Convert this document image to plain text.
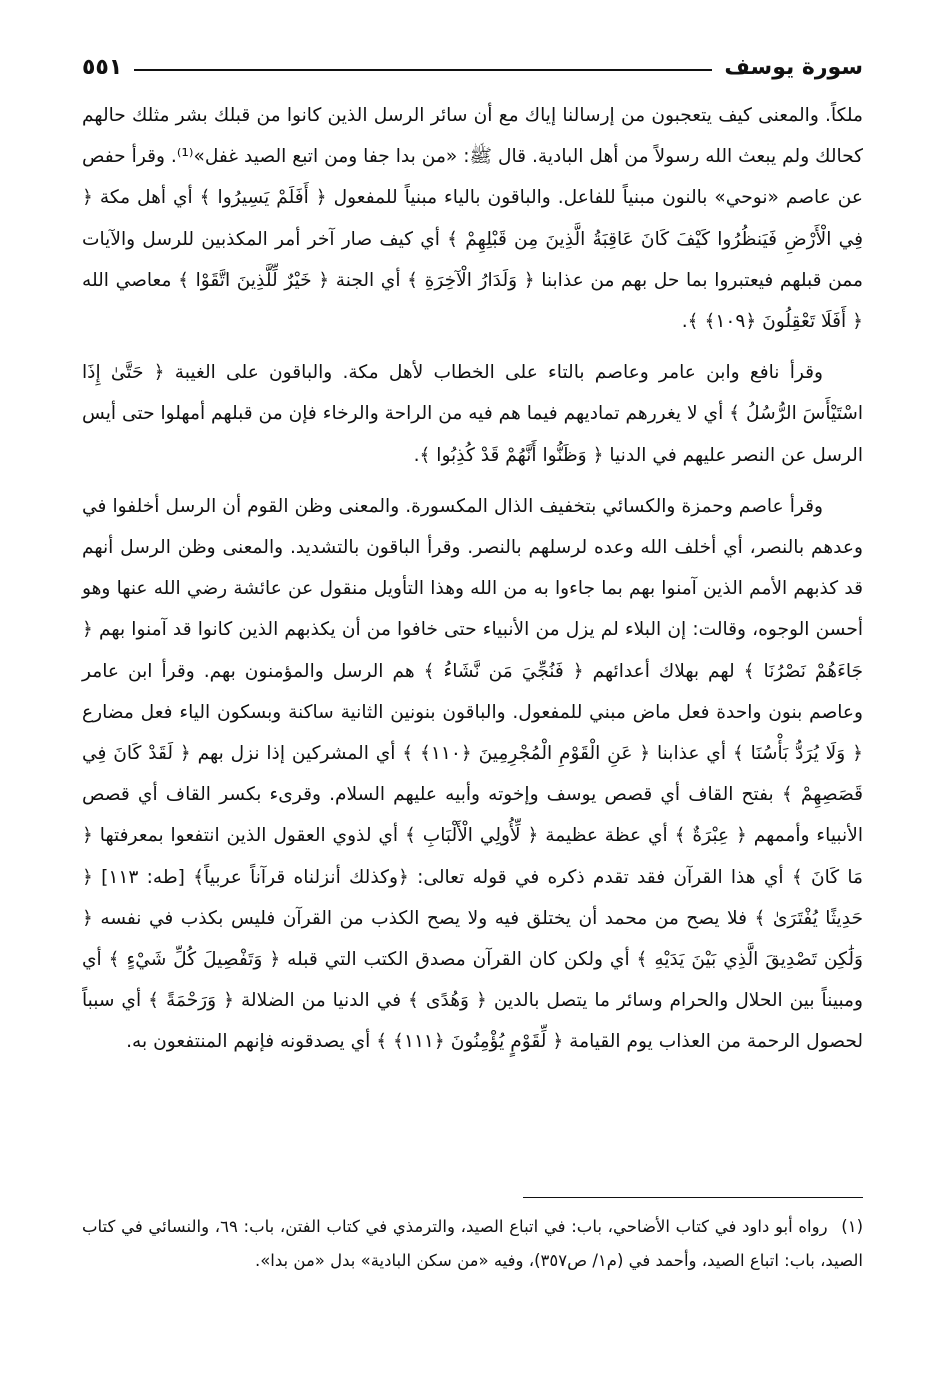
سورة يوسف
٥٥١

ملكاً. والمعنى كيف يتعجبون من إرسالنا إياك مع أن سائر الرسل الذين كانوا من قبلك بشر مثلك حالهم كحالك ولم يبعث الله رسولاً من أهل البادية. قال ﷺ: «من بدا جفا ومن اتبع الصيد غفل»⁽¹⁾. وقرأ حفص عن عاصم «نوحي» بالنون مبنياً للفاعل. والباقون بالياء مبنياً للمفعول ﴿ أَفَلَمْ يَسِيرُوا ﴾ أي أهل مكة ﴿ فِي الْأَرْضِ فَيَنظُرُوا كَيْفَ كَانَ عَاقِبَةُ الَّذِينَ مِن قَبْلِهِمْ ﴾ أي كيف صار آخر أمر المكذبين للرسل والآيات ممن قبلهم فيعتبروا بما حل بهم من عذابنا ﴿ وَلَدَارُ الْآخِرَةِ ﴾ أي الجنة ﴿ خَيْرٌ لِّلَّذِينَ اتَّقَوْا ﴾ معاصي الله ﴿ أَفَلَا تَعْقِلُونَ ﴿١٠٩﴾ ﴾.

وقرأ نافع وابن عامر وعاصم بالتاء على الخطاب لأهل مكة. والباقون على الغيبة ﴿ حَتَّىٰ إِذَا اسْتَيْأَسَ الرُّسُلُ ﴾ أي لا يغررهم تماديهم فيما هم فيه من الراحة والرخاء فإن من قبلهم أمهلوا حتى أيس الرسل عن النصر عليهم في الدنيا ﴿ وَظَنُّوا أَنَّهُمْ قَدْ كُذِبُوا ﴾.

وقرأ عاصم وحمزة والكسائي بتخفيف الذال المكسورة. والمعنى وظن القوم أن الرسل أخلفوا في وعدهم بالنصر، أي أخلف الله وعده لرسلهم بالنصر. وقرأ الباقون بالتشديد. والمعنى وظن الرسل أنهم قد كذبهم الأمم الذين آمنوا بهم بما جاءوا به من الله وهذا التأويل منقول عن عائشة رضي الله عنها وهو أحسن الوجوه، وقالت: إن البلاء لم يزل من الأنبياء حتى خافوا من أن يكذبهم الذين كانوا قد آمنوا بهم ﴿ جَاءَهُمْ نَصْرُنَا ﴾ لهم بهلاك أعدائهم ﴿ فَنُجِّيَ مَن نَّشَاءُ ﴾ هم الرسل والمؤمنون بهم. وقرأ ابن عامر وعاصم بنون واحدة فعل ماض مبني للمفعول. والباقون بنونين الثانية ساكنة وبسكون الياء فعل مضارع ﴿ وَلَا يُرَدُّ بَأْسُنَا ﴾ أي عذابنا ﴿ عَنِ الْقَوْمِ الْمُجْرِمِينَ ﴿١١٠﴾ ﴾ أي المشركين إذا نزل بهم ﴿ لَقَدْ كَانَ فِي قَصَصِهِمْ ﴾ بفتح القاف أي قصص يوسف وإخوته وأبيه عليهم السلام. وقرىء بكسر القاف أي قصص الأنبياء وأممهم ﴿ عِبْرَةٌ ﴾ أي عظة عظيمة ﴿ لِّأُولِي الْأَلْبَابِ ﴾ أي لذوي العقول الذين انتفعوا بمعرفتها ﴿ مَا كَانَ ﴾ أي هذا القرآن فقد تقدم ذكره في قوله تعالى: ﴿وكذلك أنزلناه قرآناً عربياً﴾ [طه: ١١٣] ﴿ حَدِيثًا يُفْتَرَىٰ ﴾ فلا يصح من محمد أن يختلق فيه ولا يصح الكذب من القرآن فليس بكذب في نفسه ﴿ وَلَٰكِن تَصْدِيقَ الَّذِي بَيْنَ يَدَيْهِ ﴾ أي ولكن كان القرآن مصدق الكتب التي قبله ﴿ وَتَفْصِيلَ كُلِّ شَيْءٍ ﴾ أي ومبيناً بين الحلال والحرام وسائر ما يتصل بالدين ﴿ وَهُدًى ﴾ في الدنيا من الضلالة ﴿ وَرَحْمَةً ﴾ أي سبباً لحصول الرحمة من العذاب يوم القيامة ﴿ لِّقَوْمٍ يُؤْمِنُونَ ﴿١١١﴾ ﴾ أي يصدقونه فإنهم المنتفعون به.

(١) رواه أبو داود في كتاب الأضاحي، باب: في اتباع الصيد، والترمذي في كتاب الفتن، باب: ٦٩، والنسائي في كتاب الصيد، باب: اتباع الصيد، وأحمد في (م١/ ص٣٥٧)، وفيه «من سكن البادية» بدل «من بدا».
